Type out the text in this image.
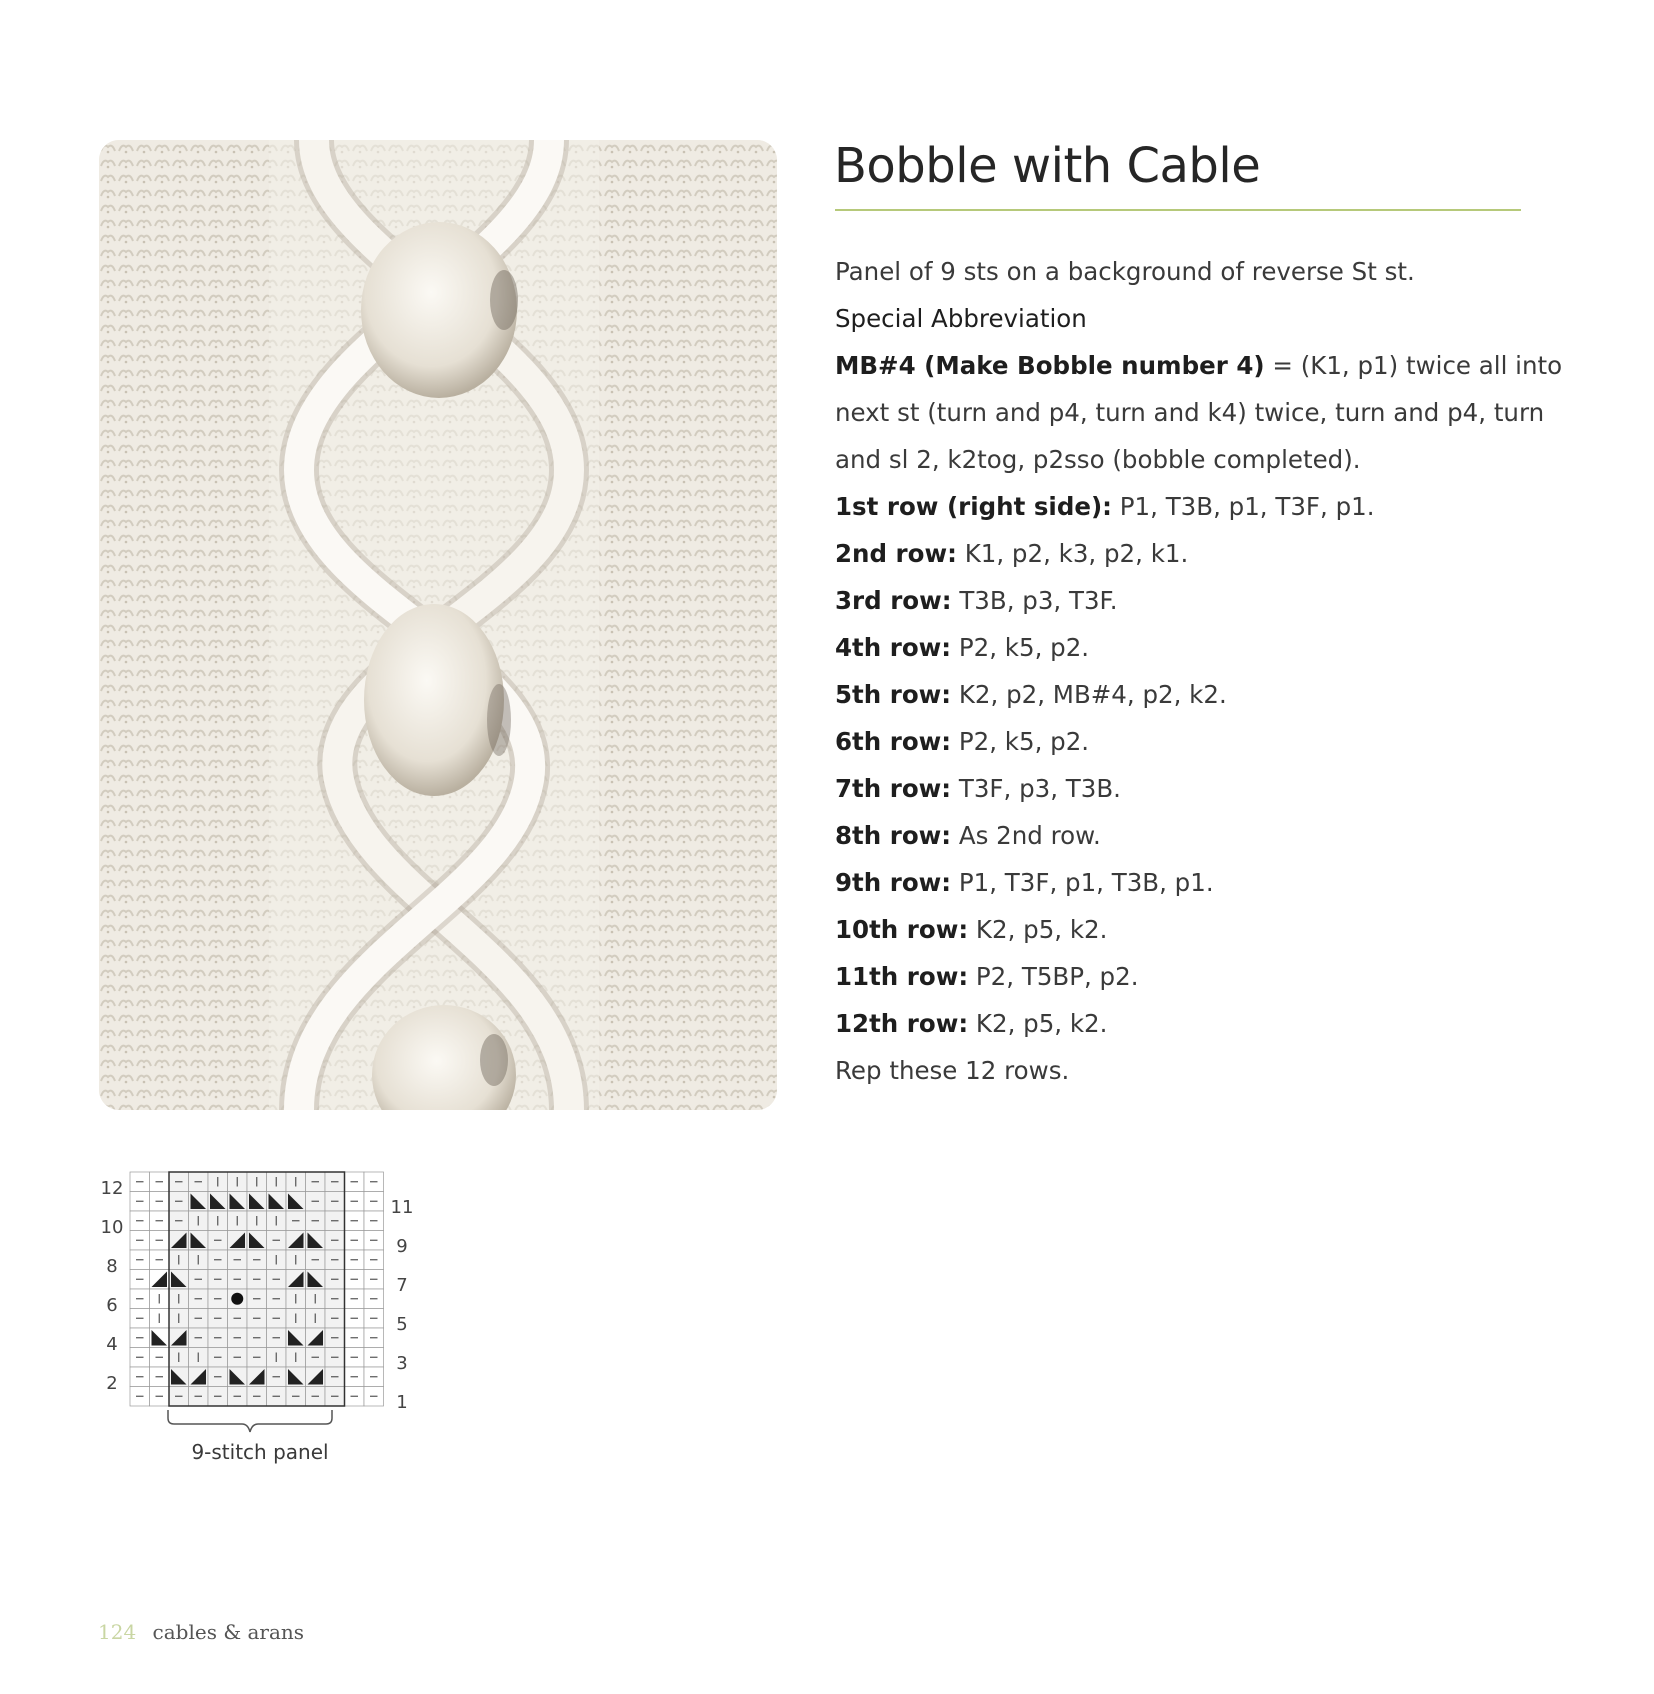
Bobble with Cable

Panel of 9 sts on a background of reverse St st.

Special Abbreviation

MB#4 (Make Bobble number 4) = (K1, p1) twice all into

next st (turn and p4, turn and k4) twice, turn and p4, turn

and sl 2, k2tog, p2sso (bobble completed).

1st row (right side): P1, T3B, p1, T3F, p1.

2nd row: K1, p2, k3, p2, k1.

3rd row: T3B, p3, T3F.

4th row: P2, k5, p2.

5th row: K2, p2, MB#4, p2, k2.

6th row: P2, k5, p2.

7th row: T3F, p3, T3B.

8th row: As 2nd row.

9th row: P1, T3F, p1, T3B, p1.

10th row: K2, p5, k2.

11th row: P2, T5BP, p2.

12th row: K2, p5, k2.

Rep these 12 rows.

12
10
8
6
4
2
11
9
7
5
3
1
9-stitch panel
124 cables & arans
